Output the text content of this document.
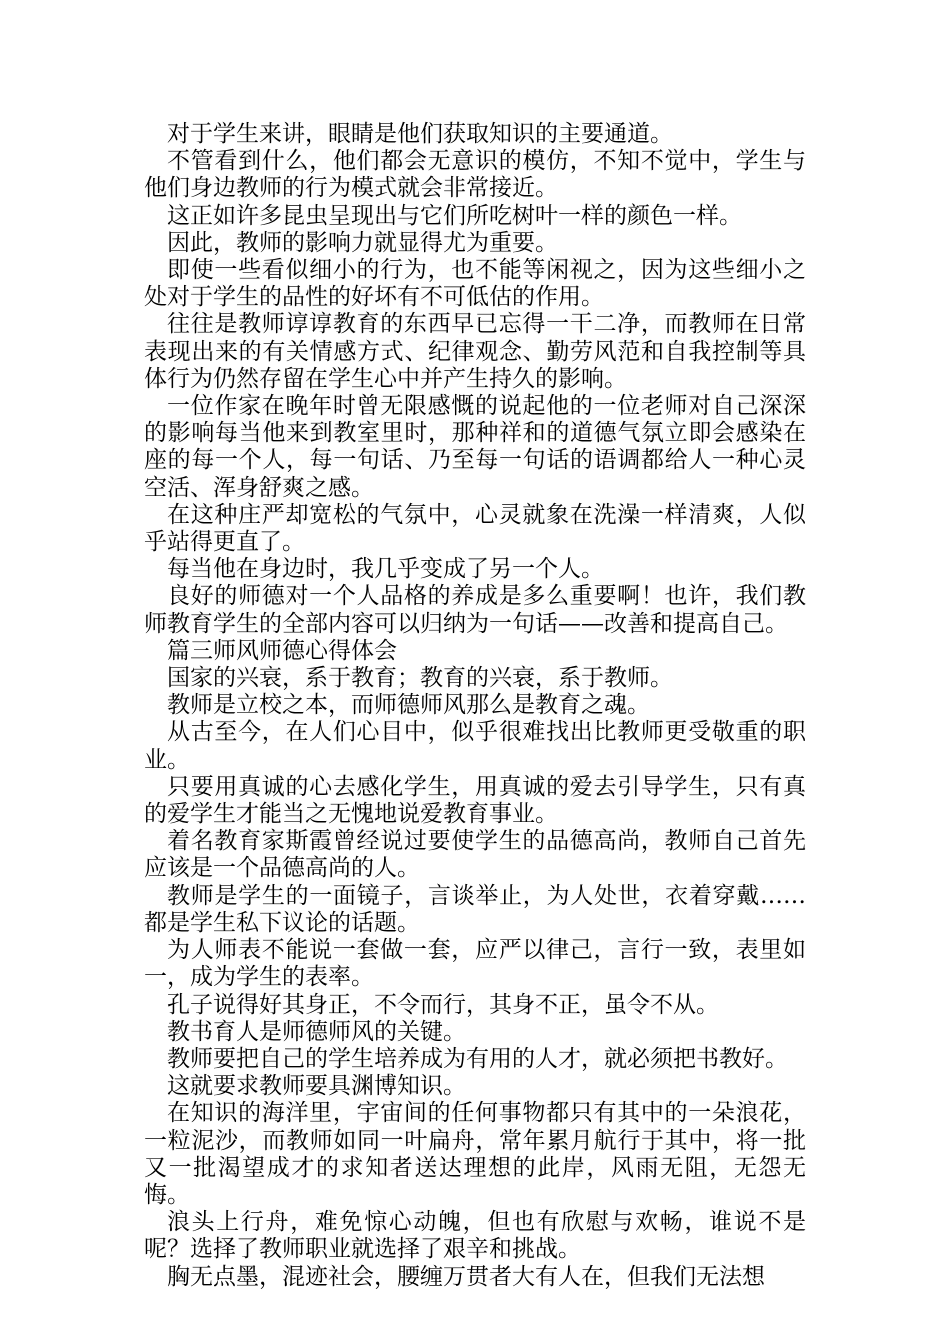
对于学生来讲，眼睛是他们获取知识的主要通道。

不管看到什么，他们都会无意识的模仿，不知不觉中，学生与他们身边教师的行为模式就会非常接近。

这正如许多昆虫呈现出与它们所吃树叶一样的颜色一样。

因此，教师的影响力就显得尤为重要。

即使一些看似细小的行为，也不能等闲视之，因为这些细小之处对于学生的品性的好坏有不可低估的作用。

往往是教师谆谆教育的东西早已忘得一干二净，而教师在日常表现出来的有关情感方式、纪律观念、勤劳风范和自我控制等具体行为仍然存留在学生心中并产生持久的影响。

一位作家在晚年时曾无限感慨的说起他的一位老师对自己深深的影响每当他来到教室里时，那种祥和的道德气氛立即会感染在座的每一个人，每一句话、乃至每一句话的语调都给人一种心灵空活、浑身舒爽之感。

在这种庄严却宽松的气氛中，心灵就象在洗澡一样清爽，人似乎站得更直了。

每当他在身边时，我几乎变成了另一个人。

良好的师德对一个人品格的养成是多么重要啊！也许，我们教师教育学生的全部内容可以归纳为一句话——改善和提高自己。

篇三师风师德心得体会

国家的兴衰，系于教育；教育的兴衰，系于教师。

教师是立校之本，而师德师风那么是教育之魂。

从古至今，在人们心目中，似乎很难找出比教师更受敬重的职业。

只要用真诚的心去感化学生，用真诚的爱去引导学生，只有真的爱学生才能当之无愧地说爱教育事业。

着名教育家斯霞曾经说过要使学生的品德高尚，教师自己首先应该是一个品德高尚的人。

教师是学生的一面镜子，言谈举止，为人处世，衣着穿戴……都是学生私下议论的话题。

为人师表不能说一套做一套，应严以律己，言行一致，表里如一，成为学生的表率。

孔子说得好其身正，不令而行，其身不正，虽令不从。

教书育人是师德师风的关键。

教师要把自己的学生培养成为有用的人才，就必须把书教好。

这就要求教师要具渊博知识。

在知识的海洋里，宇宙间的任何事物都只有其中的一朵浪花，一粒泥沙，而教师如同一叶扁舟，常年累月航行于其中，将一批又一批渴望成才的求知者送达理想的此岸，风雨无阻，无怨无悔。

浪头上行舟，难免惊心动魄，但也有欣慰与欢畅，谁说不是呢？选择了教师职业就选择了艰辛和挑战。

胸无点墨，混迹社会，腰缠万贯者大有人在，但我们无法想
